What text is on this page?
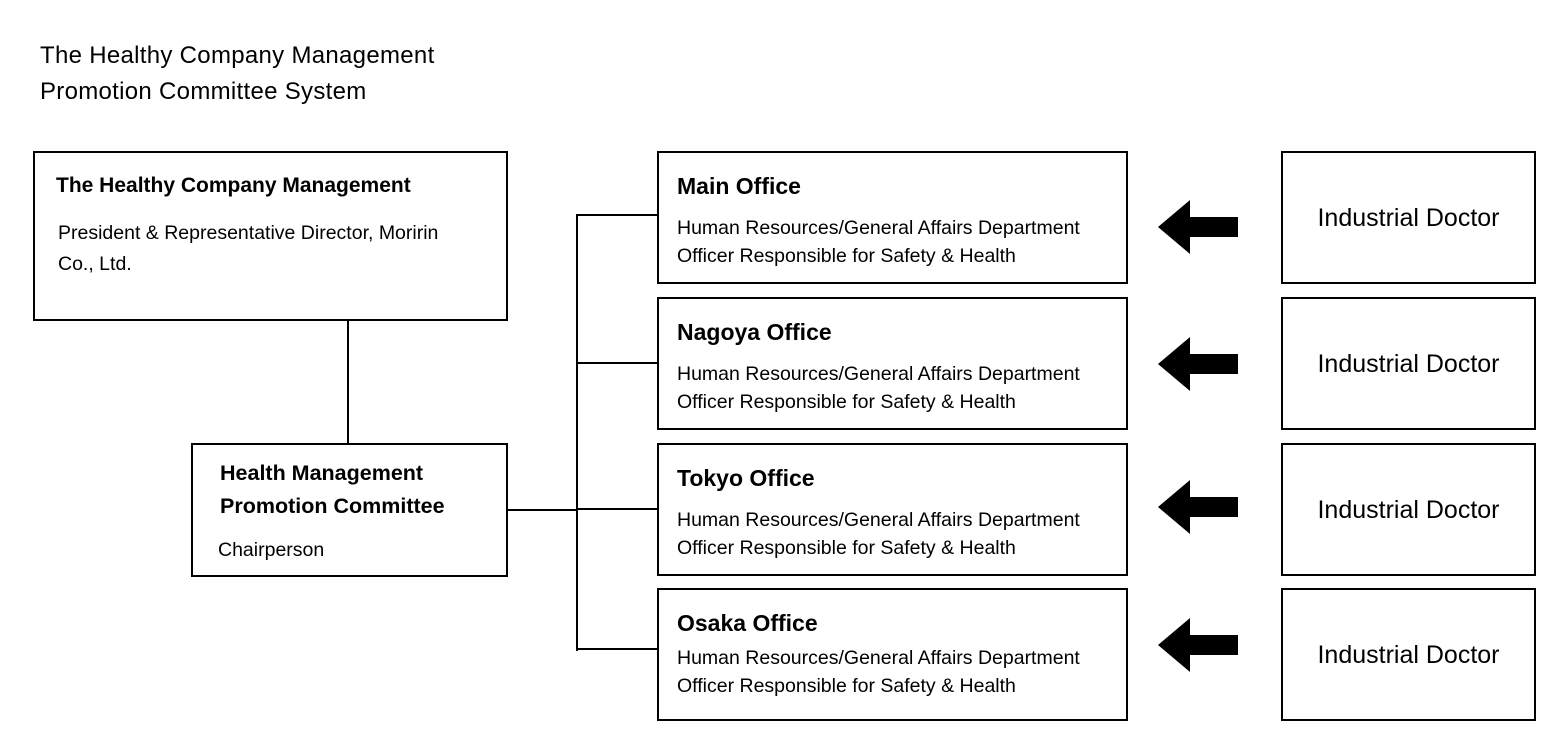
The Healthy Company Management
Promotion Committee System
The Healthy Company Management
President & Representative Director, Moririn
Co., Ltd.
Health Management
Promotion Committee
Chairperson
Main Office
Human Resources/General Affairs Department
Officer Responsible for Safety & Health
Industrial Doctor
Nagoya Office
Human Resources/General Affairs Department
Officer Responsible for Safety & Health
Industrial Doctor
Tokyo Office
Human Resources/General Affairs Department
Officer Responsible for Safety & Health
Industrial Doctor
Osaka Office
Human Resources/General Affairs Department
Officer Responsible for Safety & Health
Industrial Doctor
